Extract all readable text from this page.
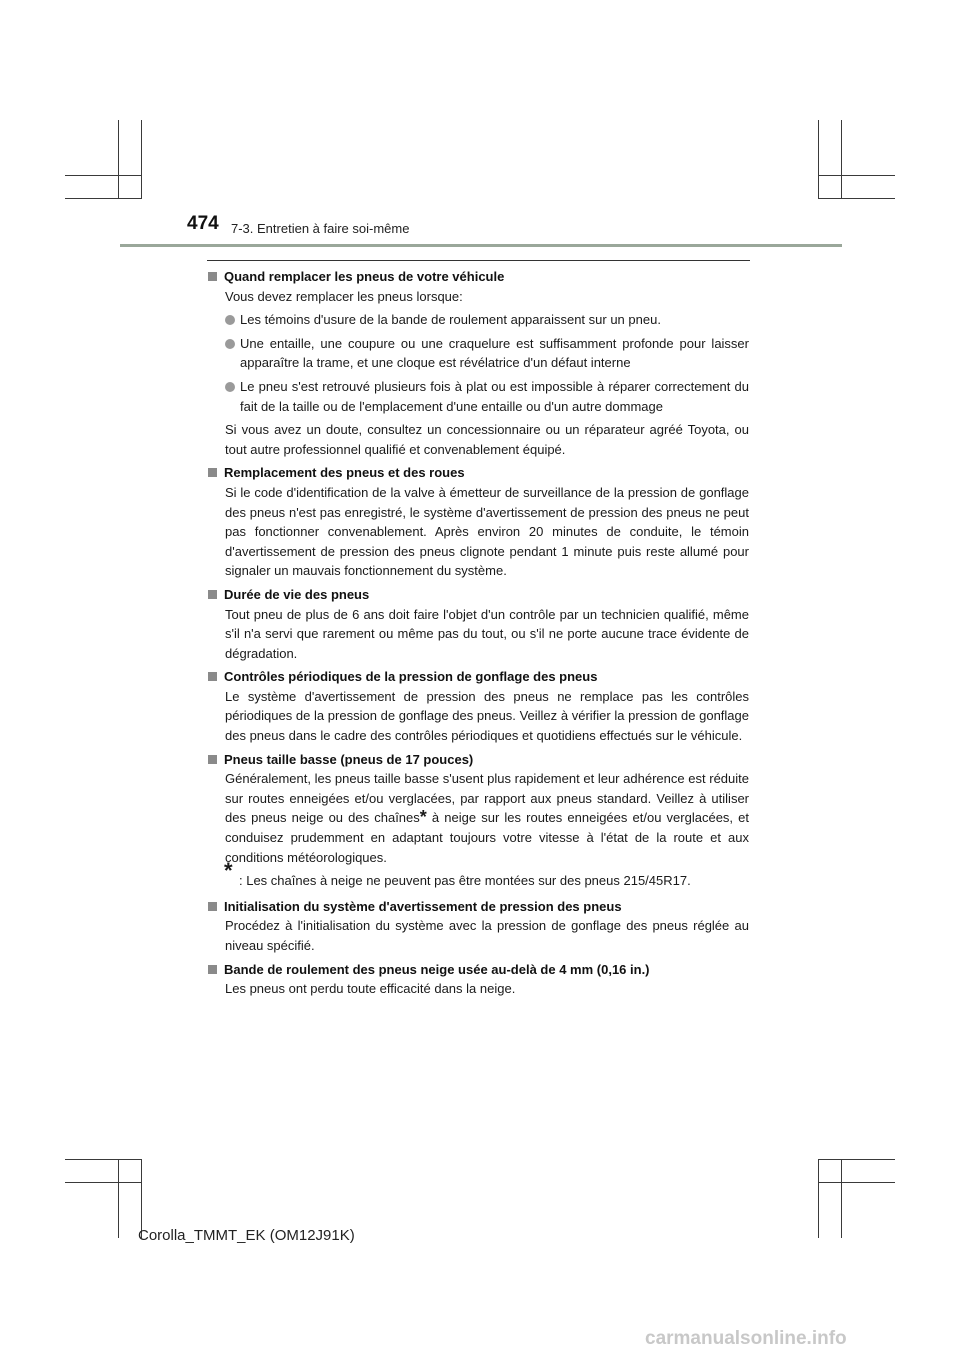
474 7-3. Entretien à faire soi-même
Quand remplacer les pneus de votre véhicule
Vous devez remplacer les pneus lorsque:
Les témoins d'usure de la bande de roulement apparaissent sur un pneu.
Une entaille, une coupure ou une craquelure est suffisamment profonde pour laisser apparaître la trame, et une cloque est révélatrice d'un défaut interne
Le pneu s'est retrouvé plusieurs fois à plat ou est impossible à réparer correctement du fait de la taille ou de l'emplacement d'une entaille ou d'un autre dommage
Si vous avez un doute, consultez un concessionnaire ou un réparateur agréé Toyota, ou tout autre professionnel qualifié et convenablement équipé.
Remplacement des pneus et des roues
Si le code d'identification de la valve à émetteur de surveillance de la pression de gonflage des pneus n'est pas enregistré, le système d'avertissement de pression des pneus ne peut pas fonctionner convenablement. Après environ 20 minutes de conduite, le témoin d'avertissement de pression des pneus clignote pendant 1 minute puis reste allumé pour signaler un mauvais fonctionnement du système.
Durée de vie des pneus
Tout pneu de plus de 6 ans doit faire l'objet d'un contrôle par un technicien qualifié, même s'il n'a servi que rarement ou même pas du tout, ou s'il ne porte aucune trace évidente de dégradation.
Contrôles périodiques de la pression de gonflage des pneus
Le système d'avertissement de pression des pneus ne remplace pas les contrôles périodiques de la pression de gonflage des pneus. Veillez à vérifier la pression de gonflage des pneus dans le cadre des contrôles périodiques et quotidiens effectués sur le véhicule.
Pneus taille basse (pneus de 17 pouces)
Généralement, les pneus taille basse s'usent plus rapidement et leur adhérence est réduite sur routes enneigées et/ou verglacées, par rapport aux pneus standard. Veillez à utiliser des pneus neige ou des chaînes* à neige sur les routes enneigées et/ou verglacées, et conduisez prudemment en adaptant toujours votre vitesse à l'état de la route et aux conditions météorologiques.
* : Les chaînes à neige ne peuvent pas être montées sur des pneus 215/45R17.
Initialisation du système d'avertissement de pression des pneus
Procédez à l'initialisation du système avec la pression de gonflage des pneus réglée au niveau spécifié.
Bande de roulement des pneus neige usée au-delà de 4 mm (0,16 in.)
Les pneus ont perdu toute efficacité dans la neige.
Corolla_TMMT_EK (OM12J91K)
carmanualsonline.info
